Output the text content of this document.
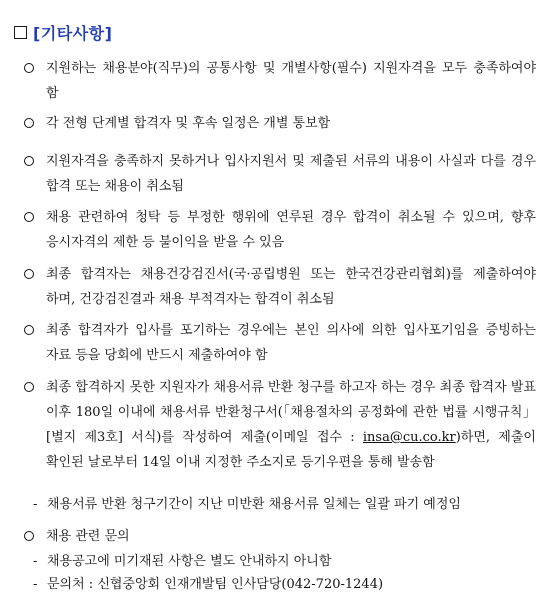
[기타사항]
지원하는 채용분야(직무)의 공통사항 및 개별사항(필수) 지원자격을 모두 충족하여야 함
각 전형 단계별 합격자 및 후속 일정은 개별 통보함
지원자격을 충족하지 못하거나 입사지원서 및 제출된 서류의 내용이 사실과 다를 경우 합격 또는 채용이 취소됨
채용 관련하여 청탁 등 부정한 행위에 연루된 경우 합격이 취소될 수 있으며, 향후 응시자격의 제한 등 불이익을 받을 수 있음
최종 합격자는 채용건강검진서(국·공립병원 또는 한국건강관리협회)를 제출하여야 하며, 건강검진결과 채용 부적격자는 합격이 취소됨
최종 합격자가 입사를 포기하는 경우에는 본인 의사에 의한 입사포기임을 증빙하는 자료 등을 당회에 반드시 제출하여야 함
최종 합격하지 못한 지원자가 채용서류 반환 청구를 하고자 하는 경우 최종 합격자 발표 이후 180일 이내에 채용서류 반환청구서(「채용절차의 공정화에 관한 법률 시행규칙」 [별지 제3호] 서식)를 작성하여 제출(이메일 접수 : insa@cu.co.kr)하면, 제출이 확인된 날로부터 14일 이내 지정한 주소지로 등기우편을 통해 발송함
- 채용서류 반환 청구기간이 지난 미반환 채용서류 일체는 일괄 파기 예정임
채용 관련 문의
- 채용공고에 미기재된 사항은 별도 안내하지 아니함
- 문의처 : 신협중앙회 인재개발팀 인사담당(042-720-1244)
